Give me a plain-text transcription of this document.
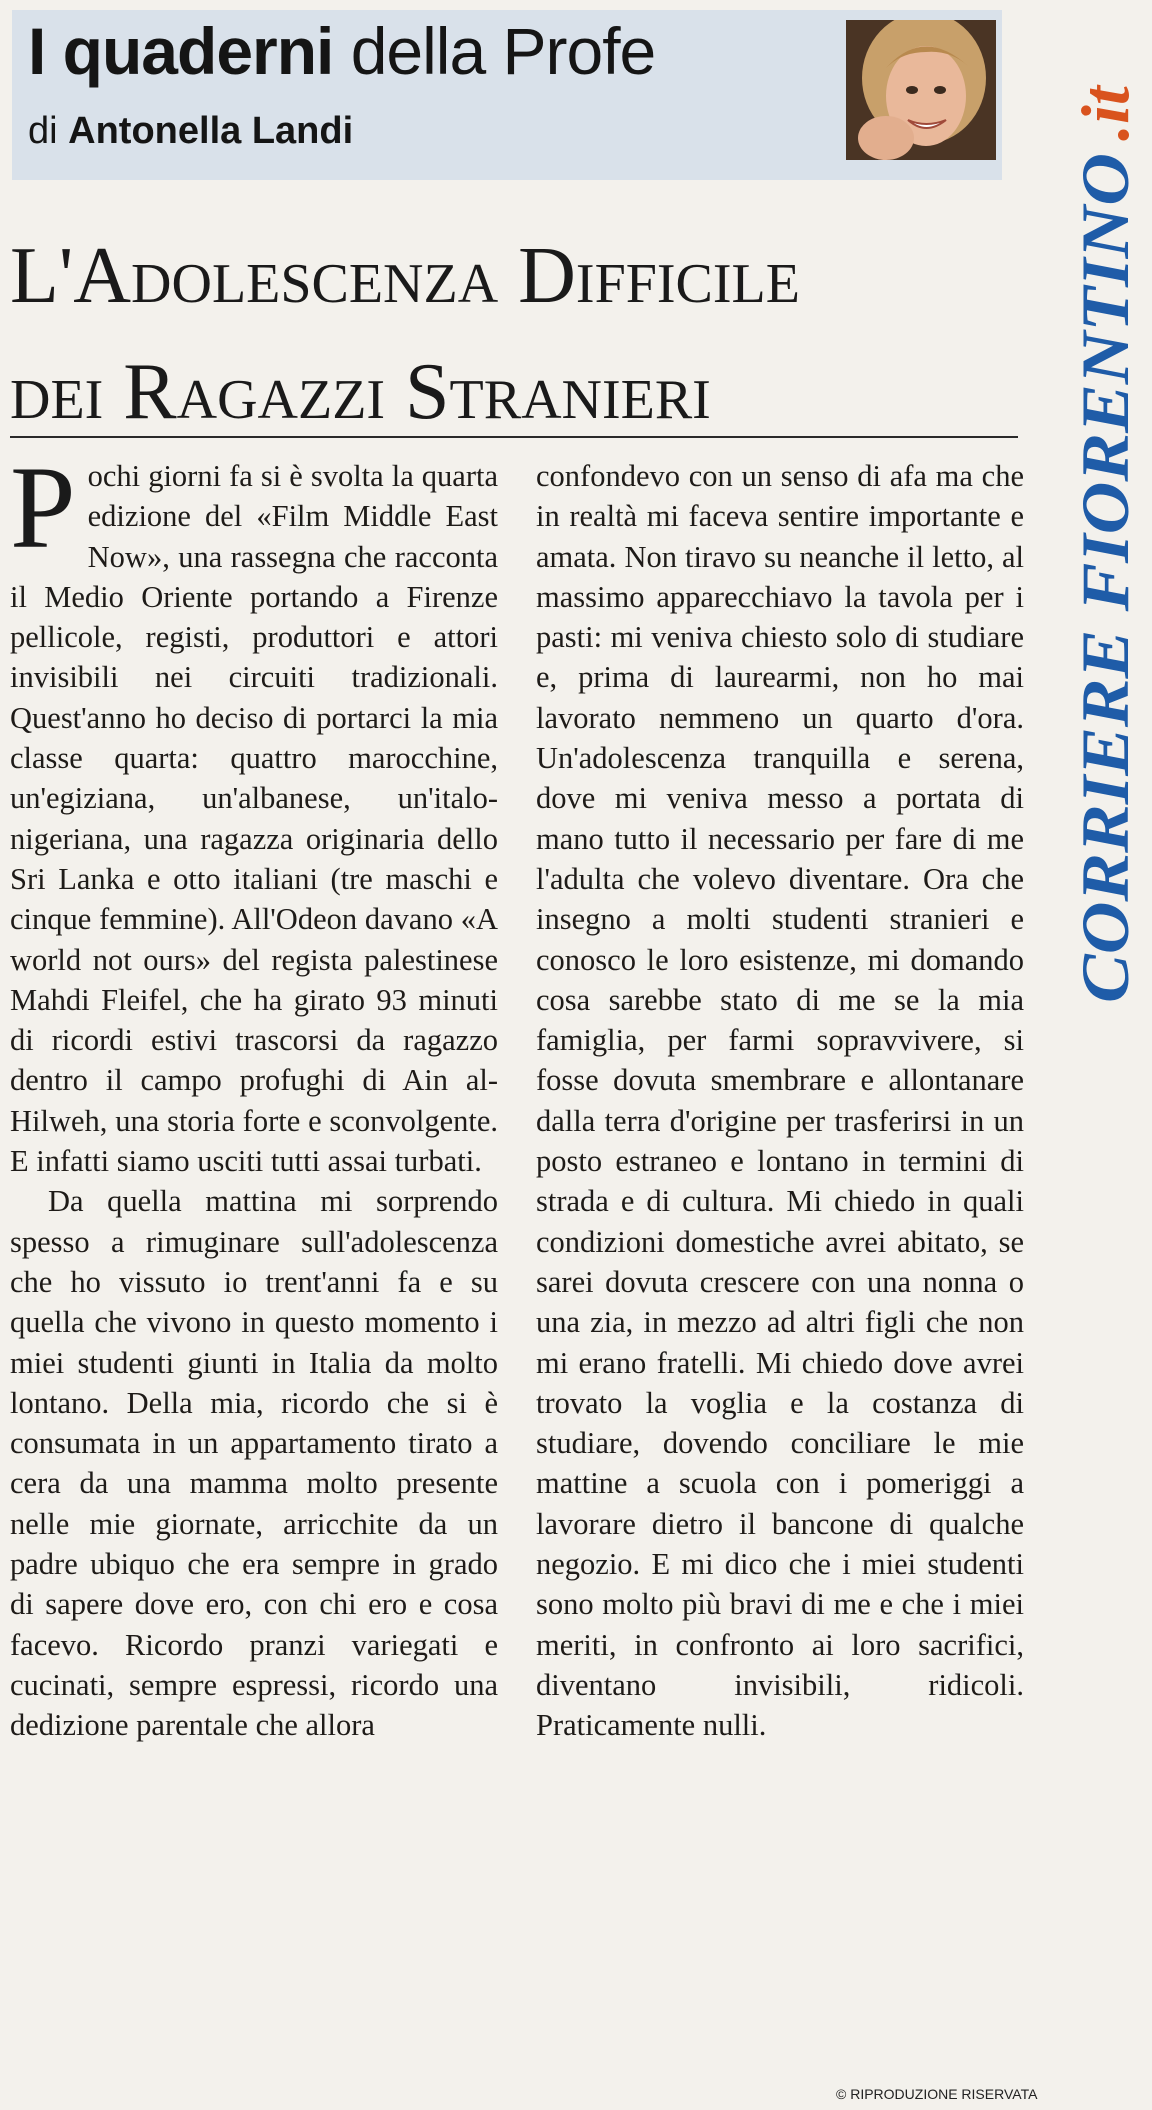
I quaderni della Profe
di Antonella Landi
CORRIERE FIORENTINO
.it
L'Adolescenza Difficile
dei Ragazzi Stranieri

Pochi giorni fa si è svolta la quarta edizione del «Film Middle East Now», una rassegna che racconta il Medio Oriente portando a Firenze pellicole, registi, produttori e attori invisibili nei circuiti tradizionali. Quest'anno ho deciso di portarci la mia classe quarta: quattro marocchine, un'egiziana, un'albanese, un'italo-nigeriana, una ragazza originaria dello Sri Lanka e otto italiani (tre maschi e cinque femmine). All'Odeon davano «A world not ours» del regista palestinese Mahdi Fleifel, che ha girato 93 minuti di ricordi estivi trascorsi da ragazzo dentro il campo profughi di Ain al-Hilweh, una storia forte e sconvolgente. E infatti siamo usciti tutti assai turbati.

Da quella mattina mi sorprendo spesso a rimuginare sull'adolescenza che ho vissuto io trent'anni fa e su quella che vivono in questo momento i miei studenti giunti in Italia da molto lontano. Della mia, ricordo che si è consumata in un appartamento tirato a cera da una mamma molto presente nelle mie giornate, arricchite da un padre ubiquo che era sempre in grado di sapere dove ero, con chi ero e cosa facevo. Ricordo pranzi variegati e cucinati, sempre espressi, ricordo una dedizione parentale che allora

confondevo con un senso di afa ma che in realtà mi faceva sentire importante e amata. Non tiravo su neanche il letto, al massimo apparecchiavo la tavola per i pasti: mi veniva chiesto solo di studiare e, prima di laurearmi, non ho mai lavorato nemmeno un quarto d'ora. Un'adolescenza tranquilla e serena, dove mi veniva messo a portata di mano tutto il necessario per fare di me l'adulta che volevo diventare. Ora che insegno a molti studenti stranieri e conosco le loro esistenze, mi domando cosa sarebbe stato di me se la mia famiglia, per farmi sopravvivere, si fosse dovuta smembrare e allontanare dalla terra d'origine per trasferirsi in un posto estraneo e lontano in termini di strada e di cultura. Mi chiedo in quali condizioni domestiche avrei abitato, se sarei dovuta crescere con una nonna o una zia, in mezzo ad altri figli che non mi erano fratelli. Mi chiedo dove avrei trovato la voglia e la costanza di studiare, dovendo conciliare le mie mattine a scuola con i pomeriggi a lavorare dietro il bancone di qualche negozio. E mi dico che i miei studenti sono molto più bravi di me e che i miei meriti, in confronto ai loro sacrifici, diventano invisibili, ridicoli. Praticamente nulli.

© RIPRODUZIONE RISERVATA
